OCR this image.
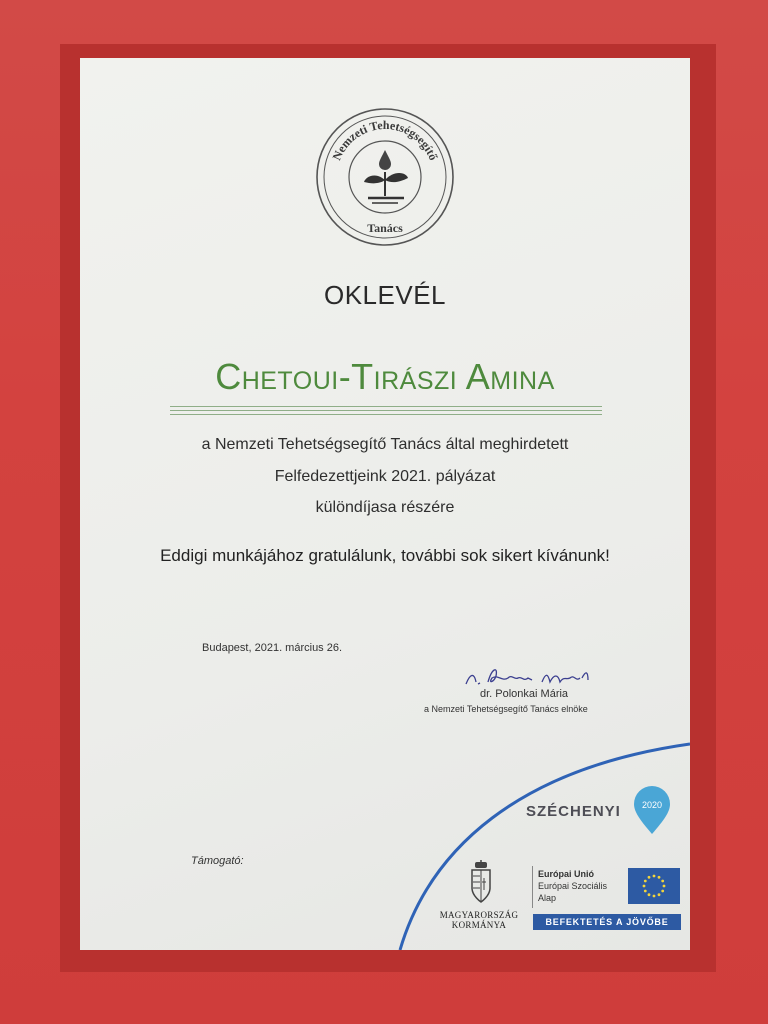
Nemzeti Tehetségsegítő
Tanács
OKLEVÉL
Chetoui-Tirászi Amina
a Nemzeti Tehetségsegítő Tanács által meghirdetett
Felfedezettjeink 2021. pályázat
különdíjasa részére
Eddigi munkájához gratulálunk, további sok sikert kívánunk!
Budapest, 2021. március 26.
dr. Polonkai Mária
a Nemzeti Tehetségsegítő Tanács elnöke
Támogató:
SZÉCHENYI 2020
MAGYARORSZÁG
KORMÁNYA
Európai Unió
Európai Szociális
Alap
BEFEKTETÉS A JÖVŐBE
